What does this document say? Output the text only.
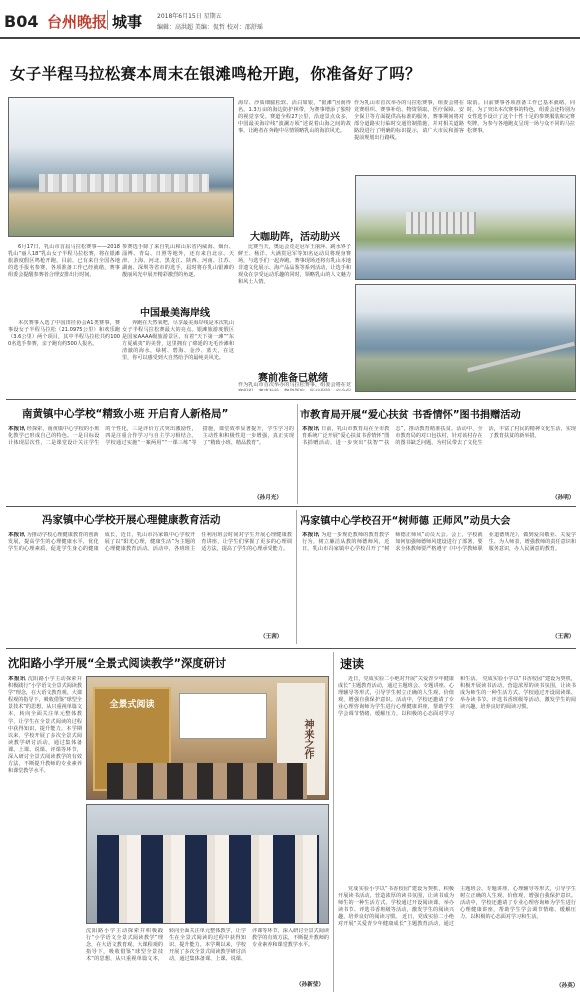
B04 台州晚报 城事 2018年6月15日 星期五
编辑：高洪超 美编：侃哲 校对：邵舒瑶
女子半程马拉松赛本周末在银滩鸣枪开跑，你准备好了吗？
6月17日，乳山市首届马拉松赛事——2018乳山“丽人18”乳山女子半程马拉松赛，将在银滩旅游度假区鸣枪开跑。目前，已有来自全国各地的选手报名参赛，各项准备工作已经就绪，赛事组委会提醒参赛者合理安排出行时间。
本次赛事入选了中国田径协会A1类赛事，赛事设女子半程马拉松（21.0975公里）和欢乐跑（3.6公里）两个项目，其中半程马拉松共约1000名选手参赛，亲子跑有约500人报名。
参赛选手除了来自乳山和山东省内威海、烟台、淄博、青岛、日照等地外，还有来自北京、天津、上海、河北、黑龙江、陕西、河南、江苏、湖南、深圳等省市的选手，届时将在乳山银滩的靓丽风光中展开精彩激烈的角逐。
中国最美海岸线
奔跑在天然氧吧，尽享最美海岸线是本次乳山女子半程马拉松赛最大的亮点。银滩旅游度假区是国家AAAA级旅游景区，有着“天下第一滩”“东方夏威夷”的美誉，这里拥有了绵延的无毛沙滩和清澈的海水，绿树、碧海、金沙、蓝天，在这里，你可以感受到大自然给予的最纯美风光。
海岸、沙质细腻松软、活白如银，“银滩”因而得名。1.3万亩的海边防护林带，为赛事增添了独特的视觉享受。赛道全程27公里，沿途景点众多，中国最美海岸线“波澜万顷”述说着山海之间的故事，让跑者在奔跑中尽情领略乳山的海滨风光。
大咖助阵，活动助兴
比赛当天，奥运会竞走冠军王丽萍、跳水界子鲜王、杨洋、大满贯冠军等知名运动员将现身赛场，与选手们一起奔跑。赛事现场还将有乳山本地非遗文化展示、海产品品鉴等系列活动，让选手和观众在享受运动乐趣的同时，领略乳山的人文魅力和风土人情。
赛前准备已就绪
作为乳山市首次举办的马拉松赛事，组委会将在竞
作为乳山市首次举办的马拉松赛事，组委会将在竞赛组织、赛事补给、物资领取、医疗保障、安全保卫等方面提供高标准的服务，赛事期间将对部分道路实行临时交通管制措施，并对相关道路路段进行了明确的标识提示，请广大市民和游客提前规划出行路线。
取消。目前赛事各项准备工作已基本就绪。同时，为了突出本次赛事的特色，组委会还特别为女性选手设计了这个十性十足的参赛服装和完赛奖牌，为参与各地跑友呈现一场与众不同的马拉松赛事。
南黄镇中心学校“精致小班 开启育人新格局”
本报讯 经探索，南黄镇中心学校的小班化教学已形成自己的特色。一是目标设计体现层次性，二是课堂设计关注学生的个性化，三是评价方式突出激励性，四是注重合作学习与自主学习相结合。学校通过实施“一案两用”“一课三练”等措施，课堂效率显著提升，学生学习的主动性和积极性进一步增强，真正实现了“精致小班、精品教育”。
（孙月光）
市教育局开展“爱心扶贫 书香情怀”图书捐赠活动
本报讯 日前，乳山市教育局在全市教育系统广泛开展“爱心扶贫书香情怀”图书捐赠活动，进一步突出“扶智”“扶志”，推动教育精准扶贫。活动中，全市教育局的对口包扶村，针对该村存在的图书缺乏问题，为村民带去了文化生活，丰富了村民的精神文化生活，实现了教育扶贫的新举措。
（孙明）
冯家镇中心学校开展心理健康教育活动
本报讯 为推动学校心理健康教育的创新发展，提高学生的心理健康水平，优化学生的心理素质，促进学生身心的健康成长，近日，乳山市冯家镇中心学校开展了以“阳光心理，健康生活”为主题的心理健康教育活动。活动中，各班班主任利用班会时间对学生开展心理健康教育讲座，让学生们掌握了更多的心理调适方法，提高了学生的心理承受能力。
（王茜）
冯家镇中心学校召开“树师德 正师风”动员大会
本报讯 为进一步规范教师的教育教学行为，树立廉洁从教的师德师风，近日，乳山市冯家镇中心学校召开了“树师德正师风”动员大会。会上，学校就如何加强师德师风建设进行了部署，要求全体教师要严格遵守《中小学教师职业道德规范》，做到爱岗敬业、关爱学生、为人师表，增强教师的责任意识和服务意识，办人民满意的教育。
（王茜）
沈阳路小学开展“全景式阅读教学”深度研讨
本报讯 沈阳路小学主动探索并积极践行“小学语文全景式阅读教学”理念，在大语文教育观、大课程观的指导下，吸收借鉴“球型全景技术”的思想，从只重视单篇文本，转向全面关注单元整体教学，让学生在全景式阅读的过程中获得知识、提升能力。本学期以来，学校开展了多次全景式阅读教学研讨活动，通过集体备课、上课、说课、评课等环节，深入研讨全景式阅读教学的有效方法，不断提升教师的专业素养和课堂教学水平。
全景式阅读
神来之作
沈阳路小学主动探索并积极践行“小学语文全景式阅读教学”理念，在大语文教育观、大课程观的指导下，吸收借鉴“球型全景技术”的思想，从只重视单篇文本，转向全面关注单元整体教学，让学生在全景式阅读的过程中获得知识、提升能力。本学期以来，学校开展了多次全景式阅读教学研讨活动，通过集体备课、上课、说课、评课等环节，深入研讨全景式阅读教学的有效方法，不断提升教师的专业素养和课堂教学水平。
（孙新莹）
速读
近日，党成实验二小绝对开展“关爱青少年健康成长”主题教育活动，通过主题班会、专题讲座、心理辅导等形式，引导学生树立正确的人生观、价值观，增强自我保护意识。活动中，学校还邀请了专业心理咨询师为学生进行心理健康讲座，帮助学生学会调节情绪、缓解压力，以积极的心态面对学习和生活。 党成实验小学以“书香校园”建设为契机，积极开展读书活动，营造浓厚的读书氛围，让读书成为师生的一种生活方式。学校通过开设阅读课、举办读书节、评选书香班级等活动，激发学生的阅读兴趣，培养良好的阅读习惯。
党成实验小学以“书香校园”建设为契机，积极开展读书活动，营造浓厚的读书氛围，让读书成为师生的一种生活方式。学校通过开设阅读课、举办读书节、评选书香班级等活动，激发学生的阅读兴趣，培养良好的阅读习惯。 近日，党成实验二小绝对开展“关爱青少年健康成长”主题教育活动，通过主题班会、专题讲座、心理辅导等形式，引导学生树立正确的人生观、价值观，增强自我保护意识。活动中，学校还邀请了专业心理咨询师为学生进行心理健康讲座，帮助学生学会调节情绪、缓解压力，以积极的心态面对学习和生活。
（孙英）
